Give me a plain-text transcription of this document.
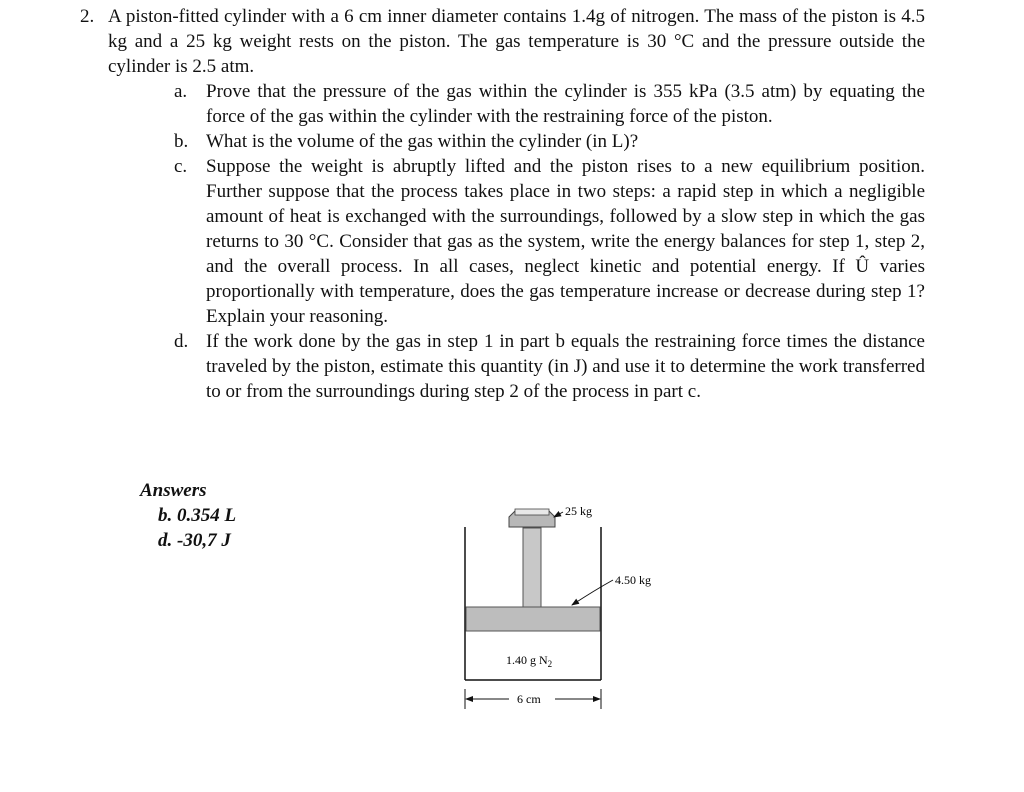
2. A piston-fitted cylinder with a 6 cm inner diameter contains 1.4g of nitrogen. The mass of the piston is 4.5 kg and a 25 kg weight rests on the piston. The gas temperature is 30 °C and the pressure outside the cylinder is 2.5 atm.
a. Prove that the pressure of the gas within the cylinder is 355 kPa (3.5 atm) by equating the force of the gas within the cylinder with the restraining force of the piston.
b. What is the volume of the gas within the cylinder (in L)?
c. Suppose the weight is abruptly lifted and the piston rises to a new equilibrium position. Further suppose that the process takes place in two steps: a rapid step in which a negligible amount of heat is exchanged with the surroundings, followed by a slow step in which the gas returns to 30 °C. Consider that gas as the system, write the energy balances for step 1, step 2, and the overall process. In all cases, neglect kinetic and potential energy. If Û varies proportionally with temperature, does the gas temperature increase or decrease during step 1? Explain your reasoning.
d. If the work done by the gas in step 1 in part b equals the restraining force times the distance traveled by the piston, estimate this quantity (in J) and use it to determine the work transferred to or from the surroundings during step 2 of the process in part c.
Answers
b. 0.354 L
d. -30,7 J
25 kg
4.50 kg
1.40 g $N_2$
6 cm
